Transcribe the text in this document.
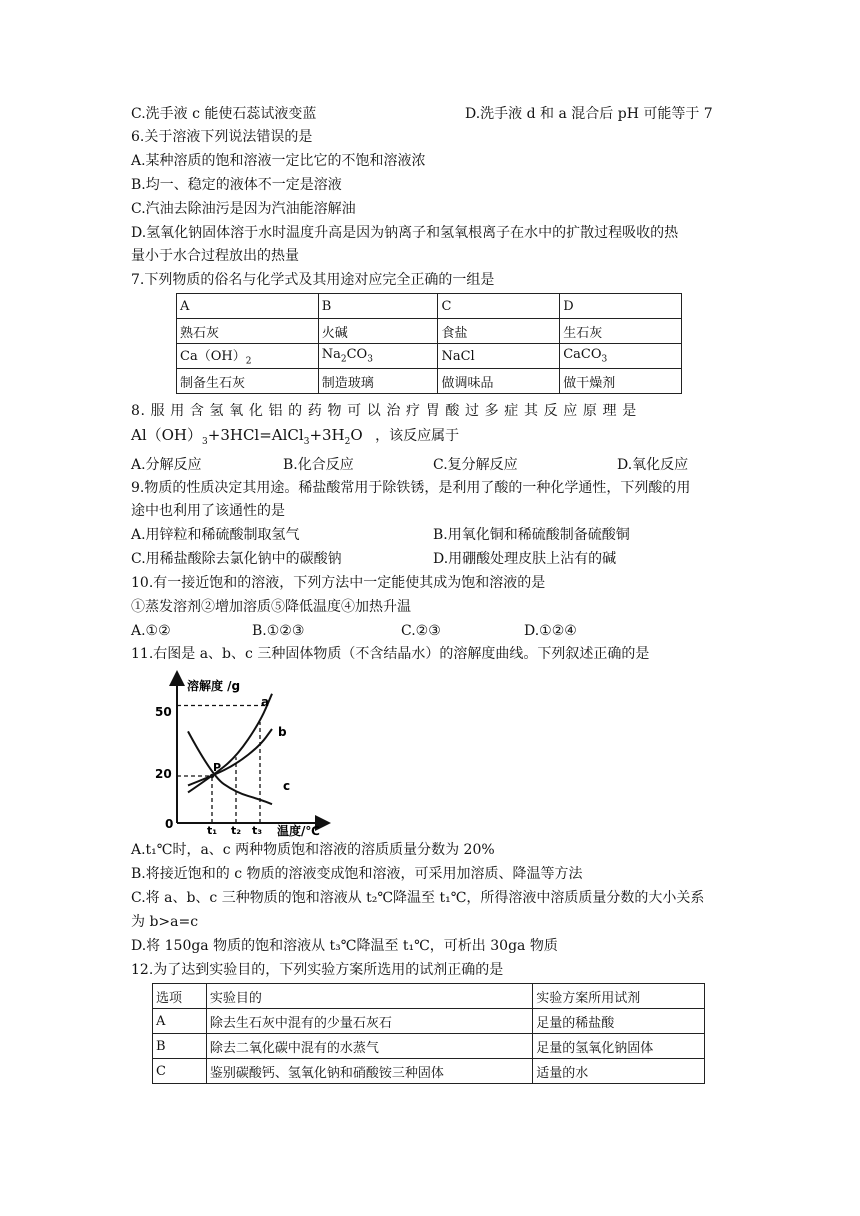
C.洗手液 c 能使石蕊试液变蓝	D.洗手液 d 和 a 混合后 pH 可能等于 7
6.关于溶液下列说法错误的是
A.某种溶质的饱和溶液一定比它的不饱和溶液浓
B.均一、稳定的液体不一定是溶液
C.汽油去除油污是因为汽油能溶解油
D.氢氧化钠固体溶于水时温度升高是因为钠离子和氢氧根离子在水中的扩散过程吸收的热
量小于水合过程放出的热量
7.下列物质的俗名与化学式及其用途对应完全正确的一组是
A	B	C	D
熟石灰	火碱	食盐	生石灰
$Ca(OH)_2$	$Na_2CO_3$	NaCl	CaCO$_3$
制备生石灰	制造玻璃	做调味品	做干燥剂
8. 服 用 含 氢 氧 化 铝 的 药 物 可 以 治 疗 胃 酸 过 多 症 其 反 应 原 理 是
$Al(OH)_3+3HCl=AlCl_3+3H_2O$ ，该反应属于
A.分解反应	B.化合反应	C.复分解反应	D.氧化反应
9.物质的性质决定其用途。稀盐酸常用于除铁锈，是利用了酸的一种化学通性，下列酸的用
途中也利用了该通性的是
A.用锌粒和稀硫酸制取氢气	B.用氧化铜和稀硫酸制备硫酸铜
C.用稀盐酸除去氯化钠中的碳酸钠	D.用硼酸处理皮肤上沾有的碱
10.有一接近饱和的溶液，下列方法中一定能使其成为饱和溶液的是
①蒸发溶剂②增加溶质⑤降低温度④加热升温
A.①②	B.①②③	C.②③	D.①②④
11.右图是 a、b、c 三种固体物质（不含结晶水）的溶解度曲线。下列叙述正确的是
溶解度 /g
温度/℃
50
20
0	t₁ t₂ t₃
a
b
c
P
A.t₁℃时，a、c 两种物质饱和溶液的溶质质量分数为 20%
B.将接近饱和的 c 物质的溶液变成饱和溶液，可采用加溶质、降温等方法
C.将 a、b、c 三种物质的饱和溶液从 t₂℃降温至 t₁℃，所得溶液中溶质质量分数的大小关系
为 b>a=c
D.将 150ga 物质的饱和溶液从 t₃℃降温至 t₁℃，可析出 30ga 物质
12.为了达到实验目的，下列实验方案所选用的试剂正确的是
选项	实验目的	实验方案所用试剂
A	除去生石灰中混有的少量石灰石	足量的稀盐酸
B	除去二氧化碳中混有的水蒸气	足量的氢氧化钠固体
C	鉴别碳酸钙、氢氧化钠和硝酸铵三种固体	适量的水
